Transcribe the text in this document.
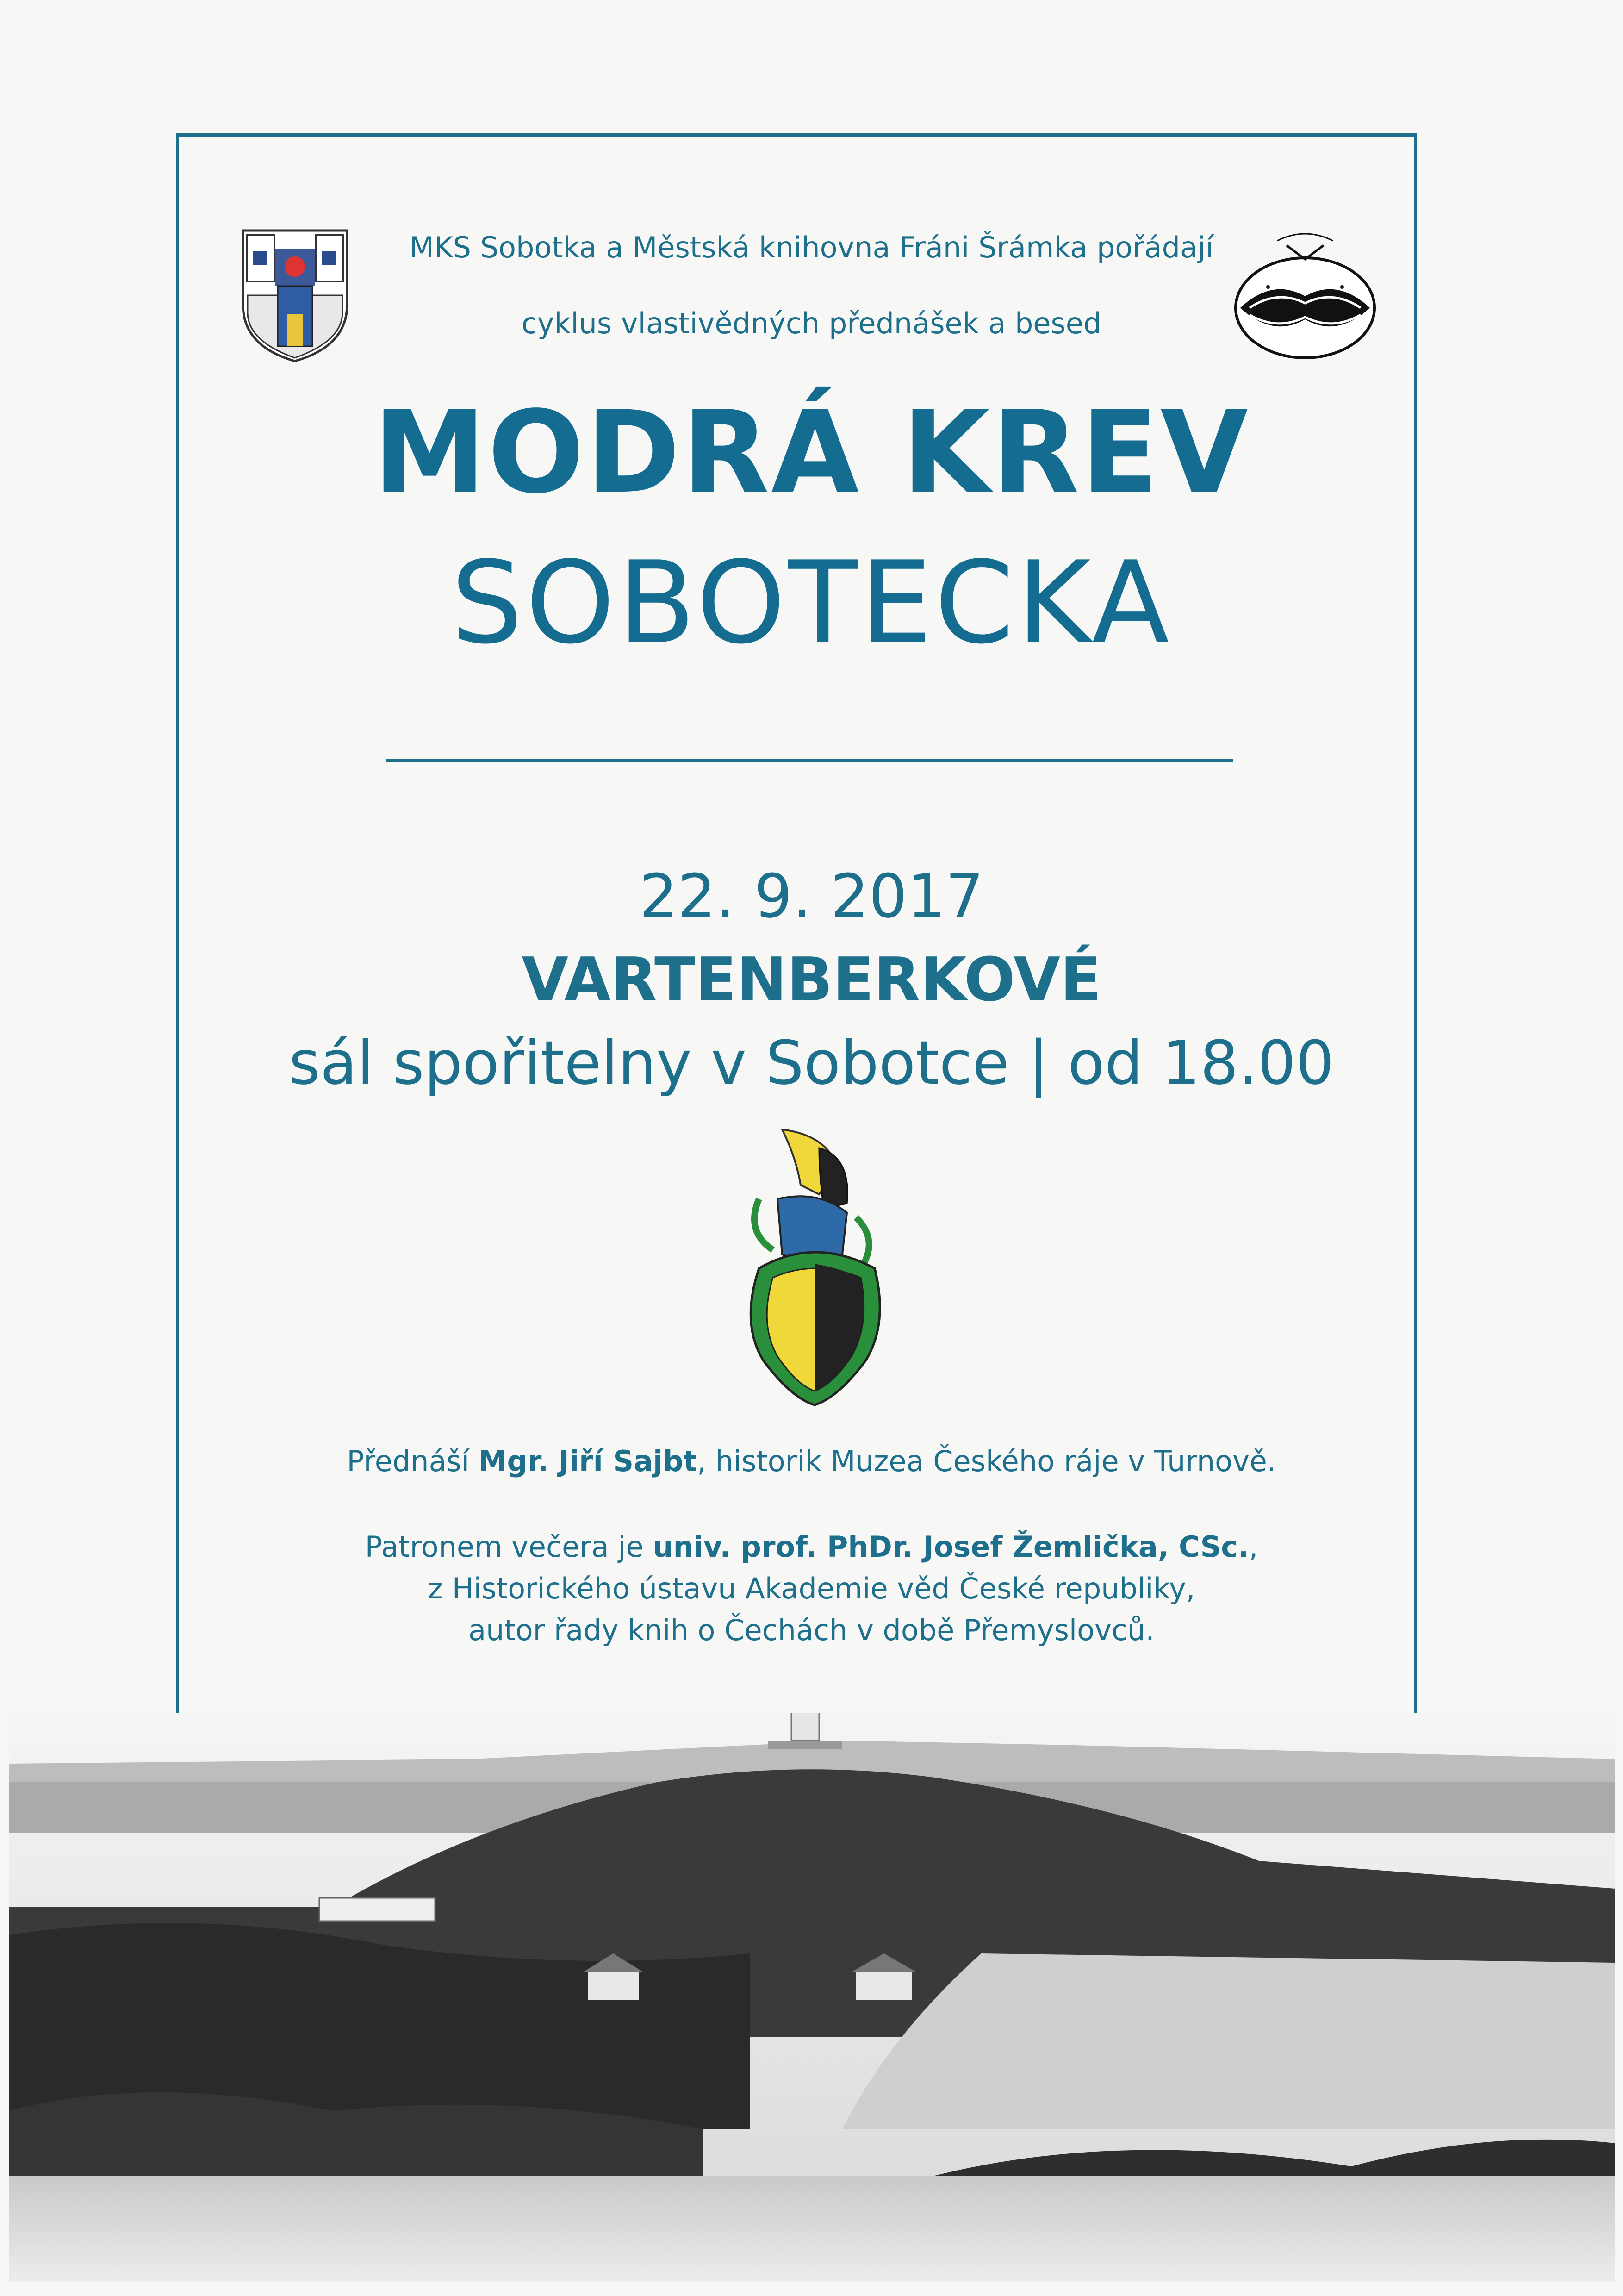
MKS Sobotka a Městská knihovna Fráni Šrámka pořádají
cyklus vlastivědných přednášek a besed
MODRÁ KREV
SOBOTECKA
22. 9. 2017
VARTENBERKOVÉ
sál spořitelny v Sobotce | od 18.00
Přednáší Mgr. Jiří Sajbt, historik Muzea Českého ráje v Turnově.
Patronem večera je univ. prof. PhDr. Josef Žemlička, CSc.,
z Historického ústavu Akademie věd České republiky,
autor řady knih o Čechách v době Přemyslovců.
